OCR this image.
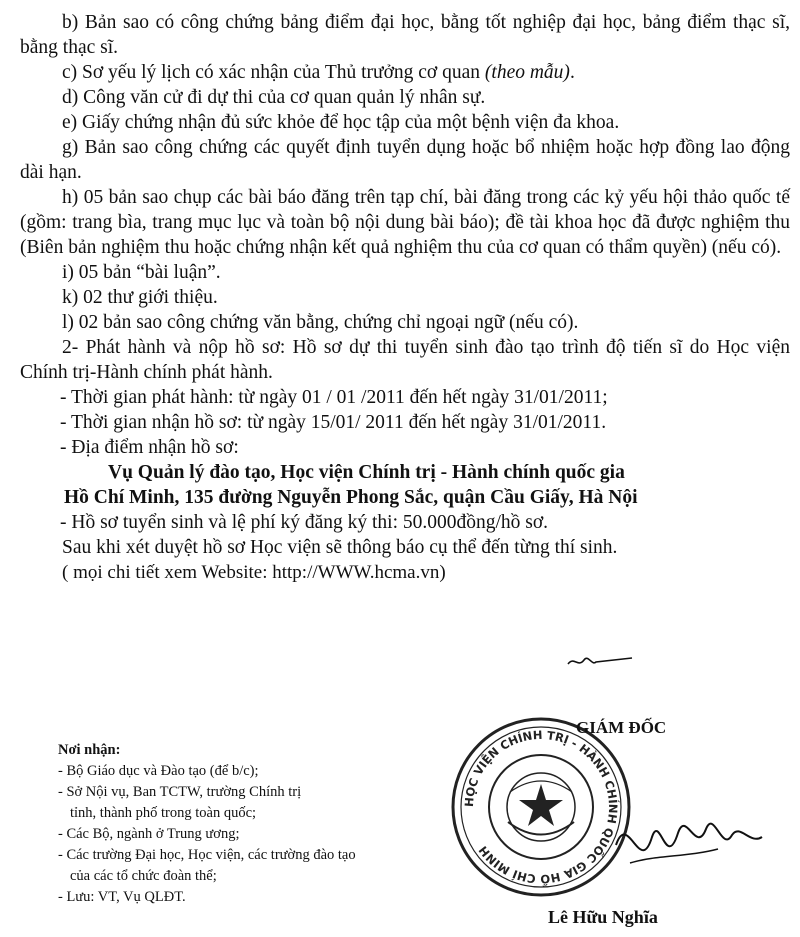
b) Bản sao có công chứng bảng điểm đại học, bằng tốt nghiệp đại học, bảng điểm thạc sĩ, bằng thạc sĩ.

c) Sơ yếu lý lịch có xác nhận của Thủ trưởng cơ quan (theo mẫu).

d) Công văn cử đi dự thi của cơ quan quản lý nhân sự.

e) Giấy chứng nhận đủ sức khỏe để học tập của một bệnh viện đa khoa.

g) Bản sao công chứng các quyết định tuyển dụng hoặc bổ nhiệm hoặc hợp đồng lao động dài hạn.

h) 05 bản sao chụp các bài báo đăng trên tạp chí, bài đăng trong các kỷ yếu hội thảo quốc tế (gồm: trang bìa, trang mục lục và toàn bộ nội dung bài báo); đề tài khoa học đã được nghiệm thu (Biên bản nghiệm thu hoặc chứng nhận kết quả nghiệm thu của cơ quan có thẩm quyền) (nếu có).

i) 05 bản “bài luận”.

k) 02 thư giới thiệu.

l) 02 bản sao công chứng văn bằng, chứng chỉ ngoại ngữ (nếu có).

2- Phát hành và nộp hồ sơ: Hồ sơ dự thi tuyển sinh đào tạo trình độ tiến sĩ do Học viện Chính trị-Hành chính phát hành.

- Thời gian phát hành: từ ngày 01 / 01 /2011 đến hết ngày 31/01/2011;

- Thời gian nhận hồ sơ: từ ngày 15/01/ 2011 đến hết ngày 31/01/2011.

- Địa điểm nhận hồ sơ:

Vụ Quản lý đào tạo, Học viện Chính trị - Hành chính quốc gia

Hồ Chí Minh, 135 đường Nguyễn Phong Sắc, quận Cầu Giấy, Hà Nội

- Hồ sơ tuyển sinh và lệ phí ký đăng ký thi: 50.000đồng/hồ sơ.

Sau khi xét duyệt hồ sơ Học viện sẽ thông báo cụ thể đến từng thí sinh.

( mọi chi tiết xem Website: http://WWW.hcma.vn)

HỌC VIỆN CHÍNH TRỊ - HÀNH CHÍNH QUỐC GIA HỒ CHÍ MINH
GIÁM ĐỐC
Lê Hữu Nghĩa

Nơi nhận:

- Bộ Giáo dục và Đào tạo (để b/c);

- Sở Nội vụ, Ban TCTW, trường Chính trị

tỉnh, thành phố trong toàn quốc;

- Các Bộ, ngành ở Trung ương;

- Các trường Đại học, Học viện, các trường đào tạo

của các tổ chức đoàn thể;

- Lưu: VT, Vụ QLĐT.
